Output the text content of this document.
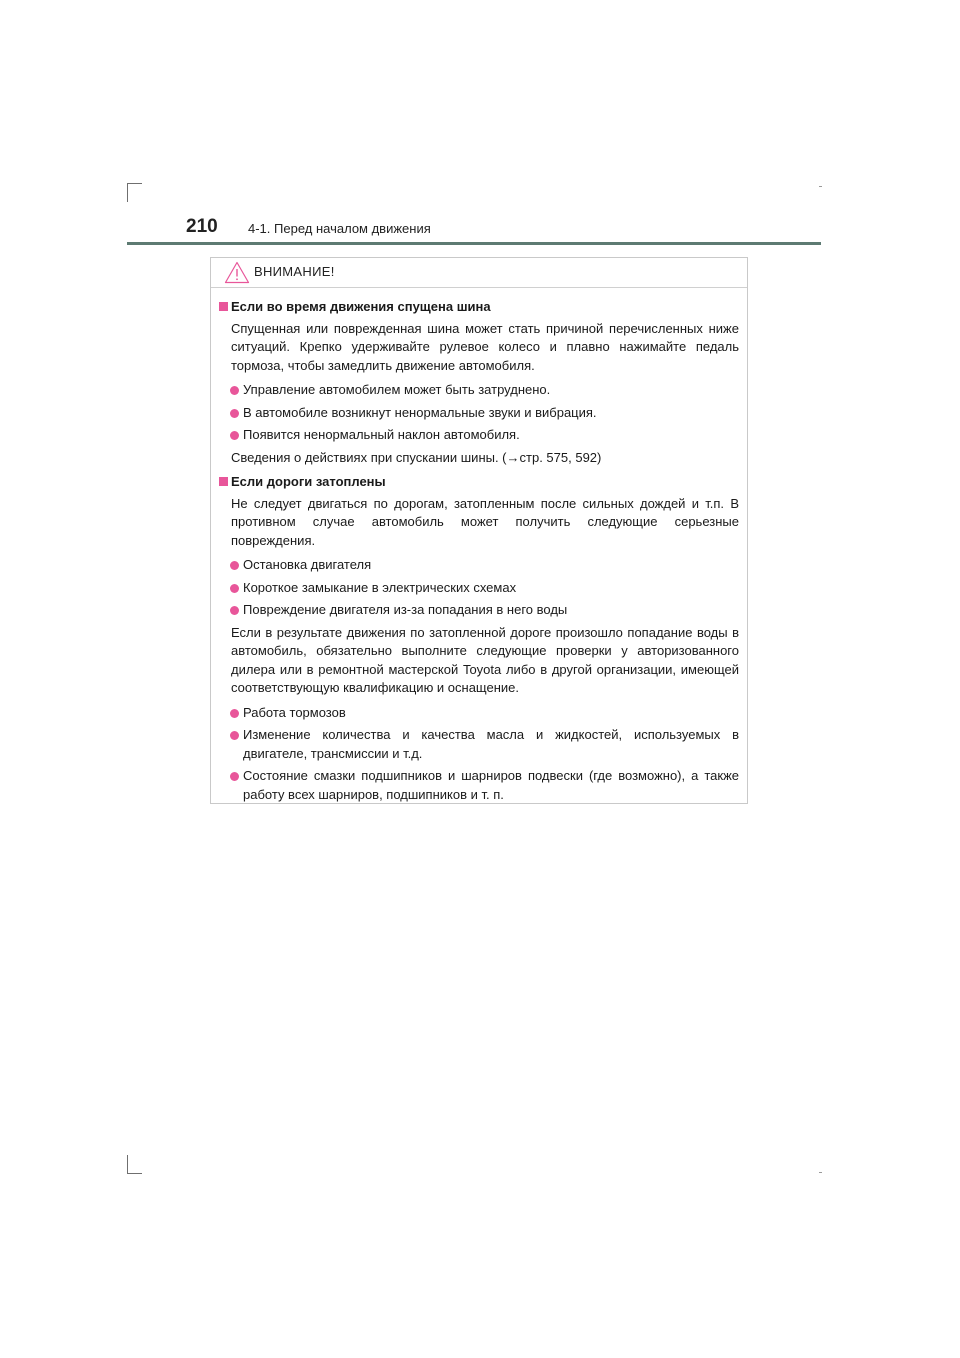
210 4-1. Перед началом движения
ВНИМАНИЕ!
Если во время движения спущена шина
Спущенная или поврежденная шина может стать причиной перечисленных ниже ситуаций. Крепко удерживайте рулевое колесо и плавно нажимайте педаль тормоза, чтобы замедлить движение автомобиля.
Управление автомобилем может быть затруднено.
В автомобиле возникнут ненормальные звуки и вибрация.
Появится ненормальный наклон автомобиля.
Сведения о действиях при спускании шины. (→стр. 575, 592)
Если дороги затоплены
Не следует двигаться по дорогам, затопленным после сильных дождей и т.п. В противном случае автомобиль может получить следующие серьезные повреждения.
Остановка двигателя
Короткое замыкание в электрических схемах
Повреждение двигателя из-за попадания в него воды
Если в результате движения по затопленной дороге произошло попадание воды в автомобиль, обязательно выполните следующие проверки у авторизованного дилера или в ремонтной мастерской Toyota либо в другой организации, имеющей соответствующую квалификацию и оснащение.
Работа тормозов
Изменение количества и качества масла и жидкостей, используемых в двигателе, трансмиссии и т.д.
Состояние смазки подшипников и шарниров подвески (где возможно), а также работу всех шарниров, подшипников и т. п.
